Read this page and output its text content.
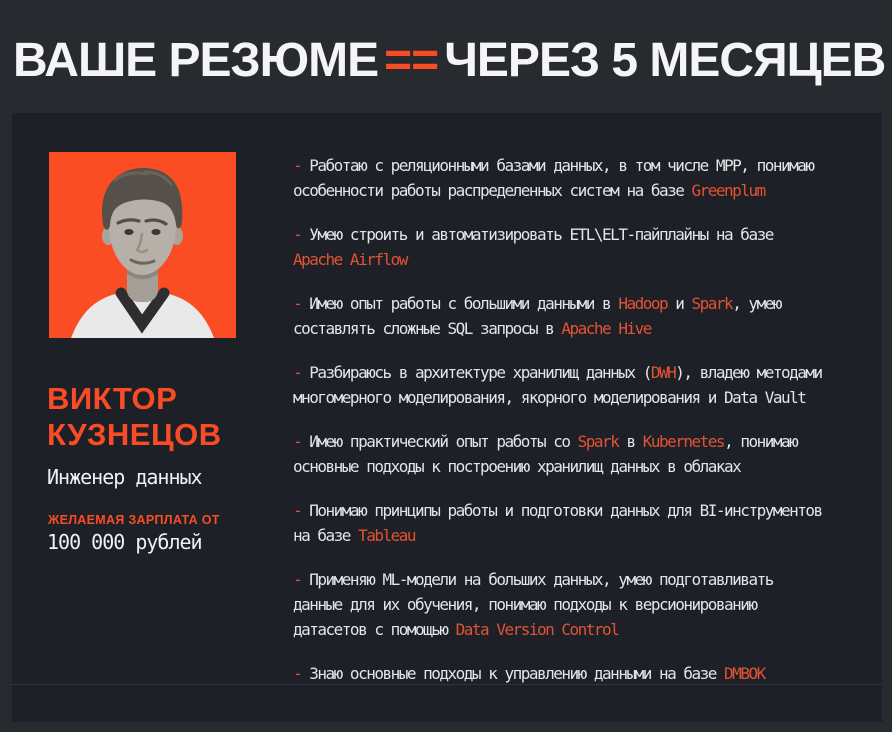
ВАШЕ РЕЗЮМЕ == ЧЕРЕЗ 5 МЕСЯЦЕВ
ВИКТОР КУЗНЕЦОВ
Инженер данных
ЖЕЛАЕМАЯ ЗАРПЛАТА ОТ
100 000 рублей
- Работаю с реляционными базами данных, в том числе MPP, понимаю
особенности работы распределенных систем на базе Greenplum
- Умею строить и автоматизировать ETL\ELT-пайплайны на базе
Apache Airflow
- Имею опыт работы с большими данными в Hadoop и Spark, умею
составлять сложные SQL запросы в Apache Hive
- Разбираюсь в архитектуре хранилищ данных (DWH), владею методами
многомерного моделирования, якорного моделирования и Data Vault
- Имею практический опыт работы со Spark в Kubernetes, понимаю
основные подходы к построению хранилищ данных в облаках
- Понимаю принципы работы и подготовки данных для BI-инструментов
на базе Tableau
- Применяю ML-модели на больших данных, умею подготавливать
данные для их обучения, понимаю подходы к версионированию
датасетов с помощью Data Version Control
- Знаю основные подходы к управлению данными на базе DMBOK
